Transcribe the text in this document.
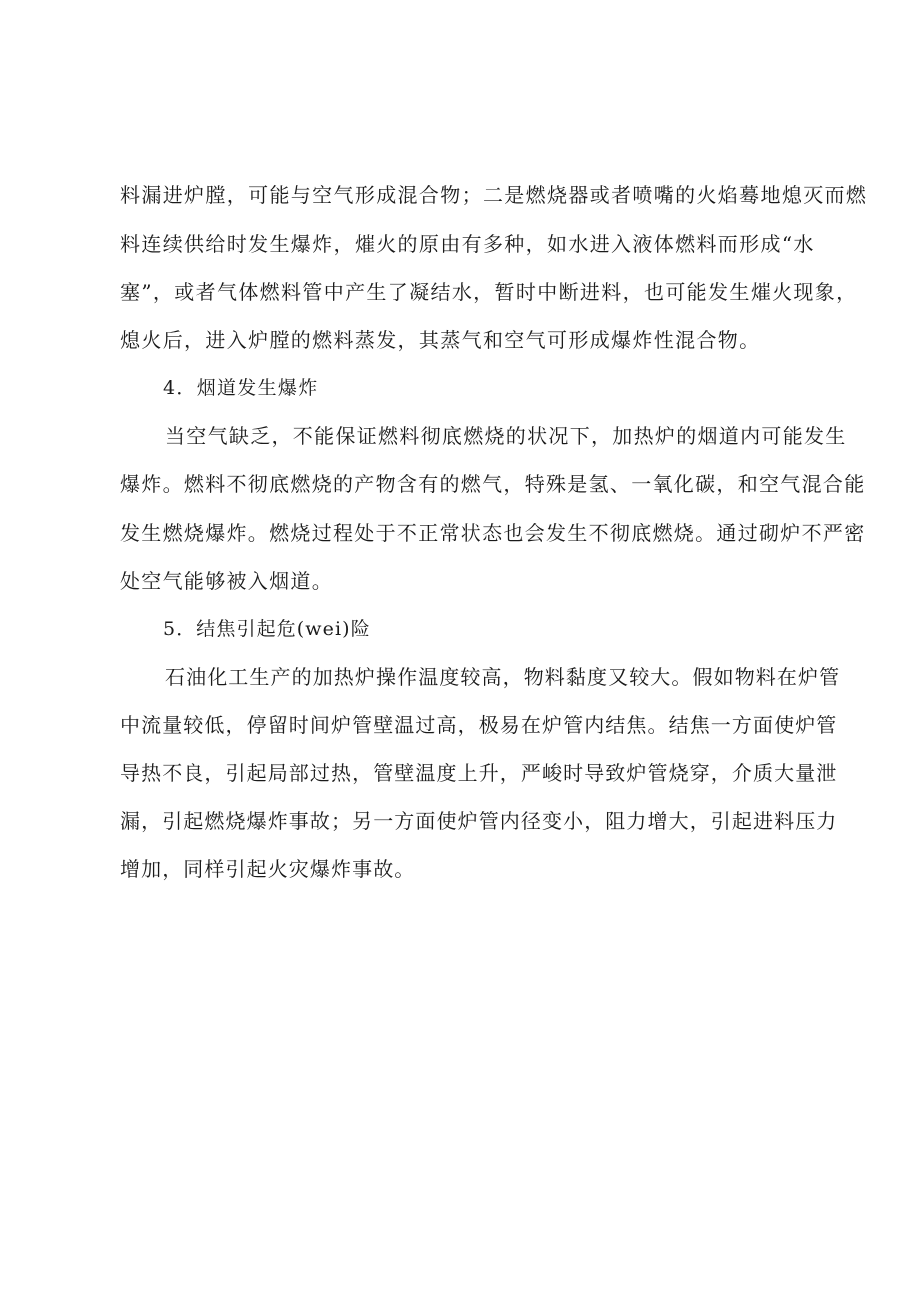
料漏进炉膛，可能与空气形成混合物；二是燃烧器或者喷嘴的火焰蓦地熄灭而燃
料连续供给时发生爆炸，熣火的原由有多种，如水进入液体燃料而形成“水
塞”，或者气体燃料管中产生了凝结水，暂时中断进料，也可能发生熣火现象，
熄火后，进入炉膛的燃料蒸发，其蒸气和空气可形成爆炸性混合物。
4．烟道发生爆炸
当空气缺乏，不能保证燃料彻底燃烧的状况下，加热炉的烟道内可能发生
爆炸。燃料不彻底燃烧的产物含有的燃气，特殊是氢、一氧化碳，和空气混合能
发生燃烧爆炸。燃烧过程处于不正常状态也会发生不彻底燃烧。通过砌炉不严密
处空气能够被入烟道。
5．结焦引起危(wei)险
石油化工生产的加热炉操作温度较高，物料黏度又较大。假如物料在炉管
中流量较低，停留时间炉管壁温过高，极易在炉管内结焦。结焦一方面使炉管
导热不良，引起局部过热，管壁温度上升，严峻时导致炉管烧穿，介质大量泄
漏，引起燃烧爆炸事故；另一方面使炉管内径变小，阻力增大，引起进料压力
增加，同样引起火灾爆炸事故。
